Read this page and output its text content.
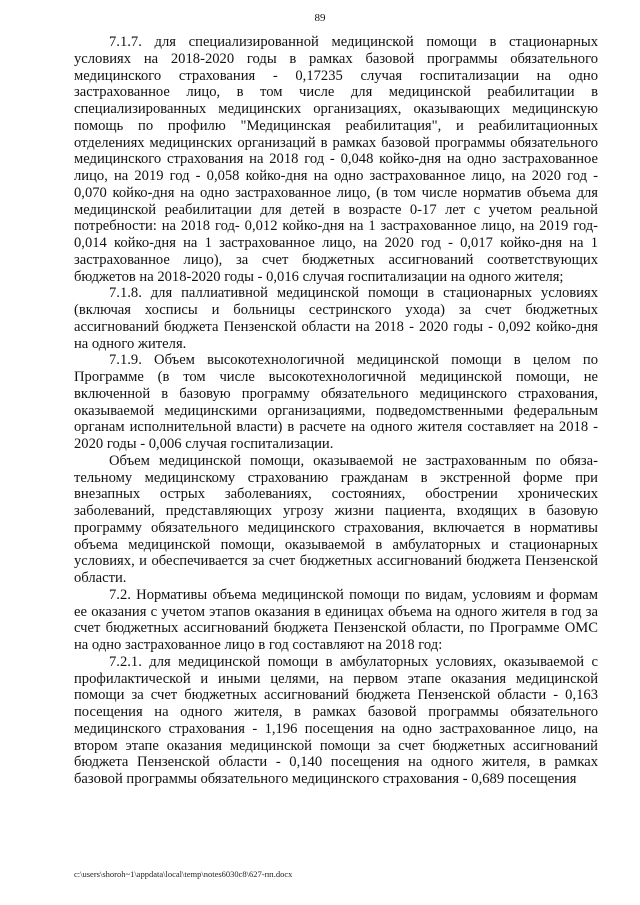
89

7.1.7. для специализированной медицинской помощи в стационарных условиях на 2018-2020 годы в рамках базовой программы обязательного медицинского страхования - 0,17235 случая госпитализации на одно застрахованное лицо, в том числе для медицинской реабилитации в специализированных медицинских организациях, оказывающих медицинскую помощь по профилю "Медицинская реабилитация", и реабилитационных отделениях медицинских организаций в рамках базовой программы обязательного медицинского страхования на 2018 год - 0,048 койко-дня на одно застрахованное лицо, на 2019 год - 0,058 койко-дня на одно застрахованное лицо, на 2020 год - 0,070 койко-дня на одно застрахованное лицо, (в том числе норматив объема для медицинской реабилитации для детей в возрасте 0-17 лет с учетом реальной потребности: на 2018 год- 0,012 койко-дня на 1 застрахованное лицо, на 2019 год- 0,014 койко-дня на 1 застрахованное лицо, на 2020 год - 0,017 койко-дня на 1 застрахованное лицо), за счет бюджетных ассигнований соответствующих бюджетов на 2018-2020 годы - 0,016 случая госпитализации на одного жителя;

7.1.8. для паллиативной медицинской помощи в стационарных условиях (включая хосписы и больницы сестринского ухода) за счет бюджетных ассигнований бюджета Пензенской области на 2018 - 2020 годы - 0,092 койко-дня на одного жителя.

7.1.9. Объем высокотехнологичной медицинской помощи в целом по Программе (в том числе высокотехнологичной медицинской помощи, не включенной в базовую программу обязательного медицинского страхования, оказываемой медицинскими организациями, подведомственными федеральным органам исполнительной власти) в расчете на одного жителя составляет на 2018 - 2020 годы - 0,006 случая госпитализации.

Объем медицинской помощи, оказываемой не застрахованным по обязательному медицинскому страхованию гражданам в экстренной форме при внезапных острых заболеваниях, состояниях, обострении хронических заболеваний, представляющих угрозу жизни пациента, входящих в базовую программу обязательного медицинского страхования, включается в нормативы объема медицинской помощи, оказываемой в амбулаторных и стационарных условиях, и обеспечивается за счет бюджетных ассигнований бюджета Пензенской области.

7.2. Нормативы объема медицинской помощи по видам, условиям и формам ее оказания с учетом этапов оказания в единицах объема на одного жителя в год за счет бюджетных ассигнований бюджета Пензенской области, по Программе ОМС на одно застрахованное лицо в год составляют на 2018 год:

7.2.1. для медицинской помощи в амбулаторных условиях, оказываемой с профилактической и иными целями, на первом этапе оказания медицинской помощи за счет бюджетных ассигнований бюджета Пензенской области - 0,163 посещения на одного жителя, в рамках базовой программы обязательного медицинского страхования - 1,196 посещения на одно застрахованное лицо, на втором этапе оказания медицинской помощи за счет бюджетных ассигнований бюджета Пензенской области - 0,140 посещения на одного жителя, в рамках базовой программы обязательного медицинского страхования - 0,689 посещения

c:\users\shoroh~1\appdata\local\temp\notes6030c8\627-пп.docx
